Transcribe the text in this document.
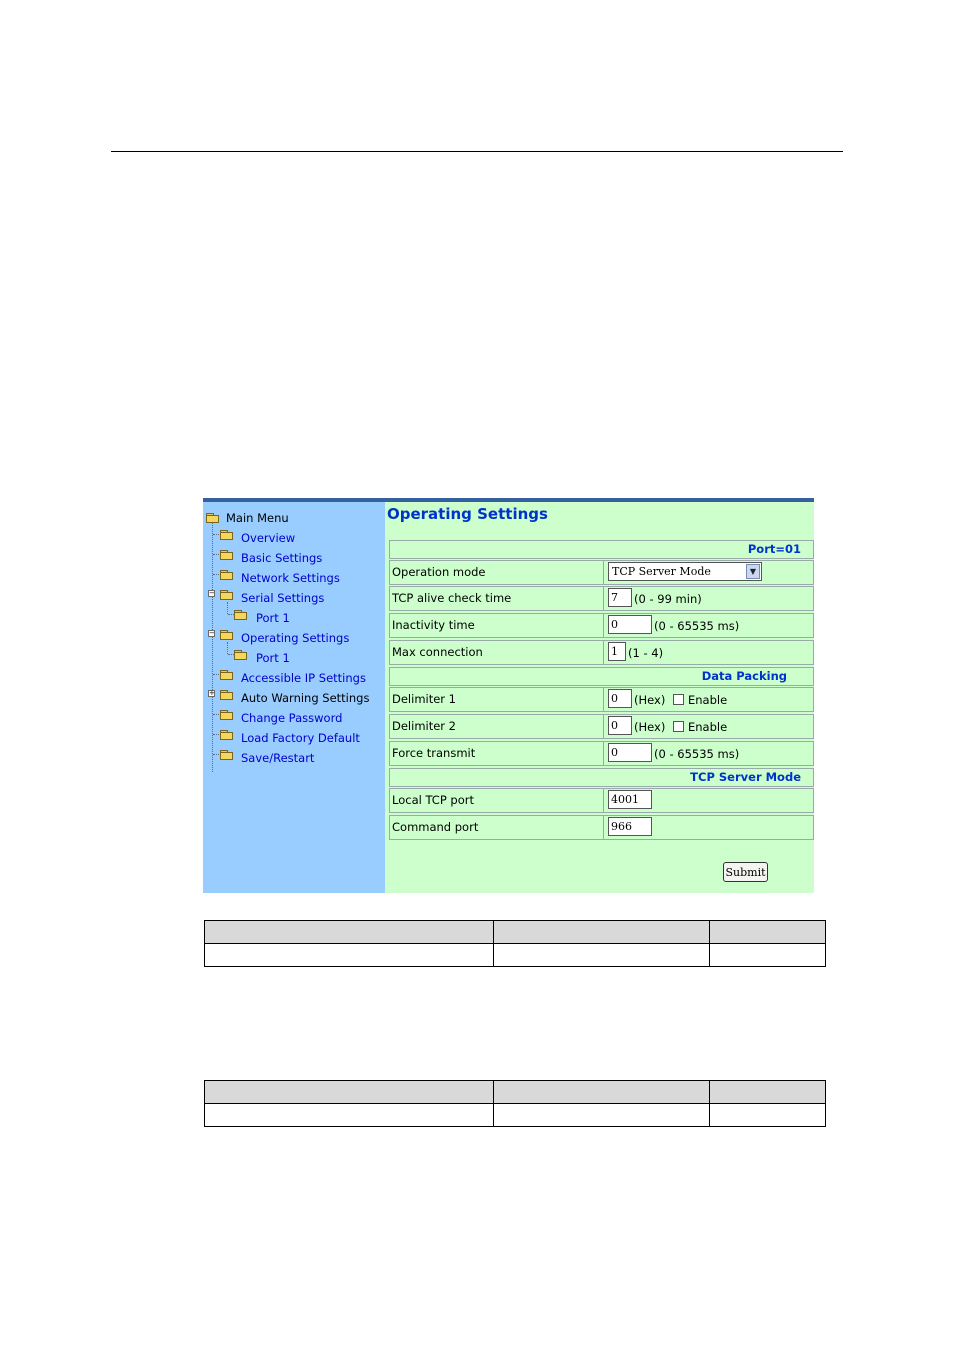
Main Menu
Overview
Basic Settings
Network Settings
− Serial Settings
Port 1
− Operating Settings
Port 1
Accessible IP Settings
+ Auto Warning Settings
Change Password
Load Factory Default
Save/Restart
Operating Settings
Port=01
Operation mode	TCP Server Mode	▼
TCP alive check time	7	(0 - 99 min)
Inactivity time	0	(0 - 65535 ms)
Max connection	1 (1 - 4)
Data Packing
Delimiter 1	0	(Hex) Enable
Delimiter 2	0	(Hex) Enable
Force transmit	0	(0 - 65535 ms)
TCP Server Mode
Local TCP port	4001
Command port	966
Submit
